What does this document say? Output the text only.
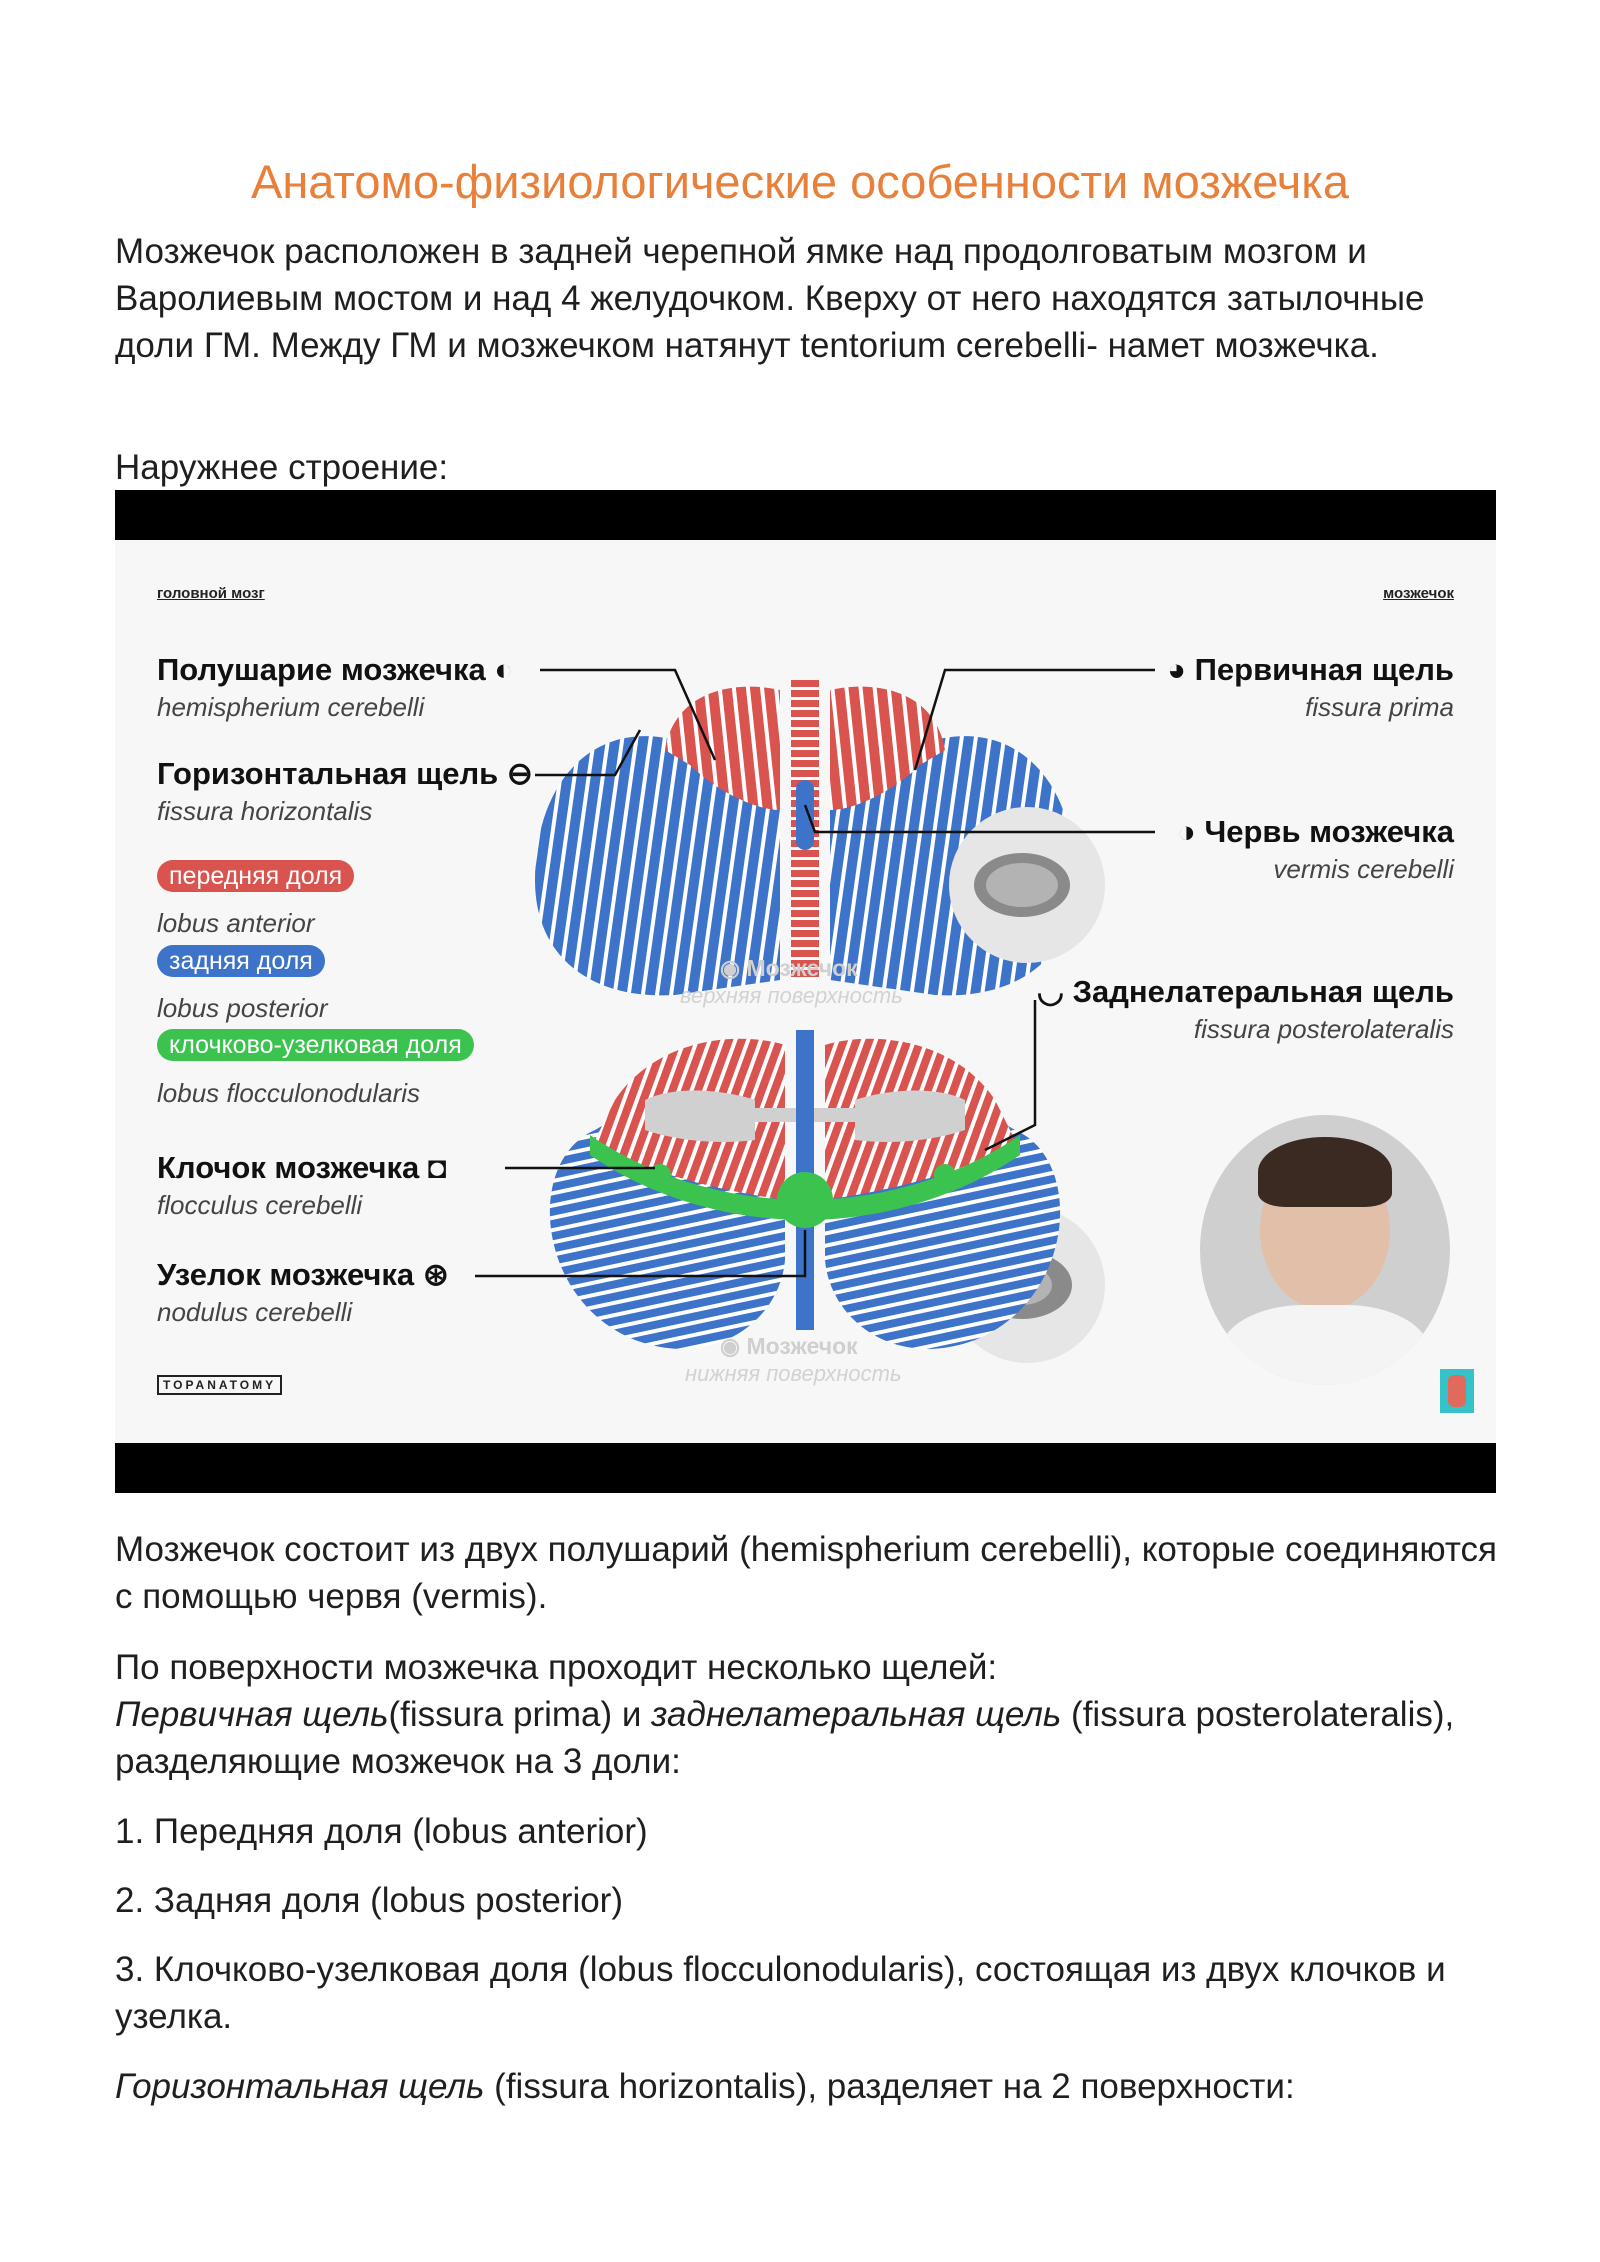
Анатомо-физиологические особенности мозжечка

Мозжечок расположен в задней черепной ямке над продолговатым мозгом и Варолиевым мостом и над 4 желудочком. Кверху от него находятся затылочные доли ГМ. Между ГМ и мозжечком натянут tentorium cerebelli- намет мозжечка.

Наружнее строение:

головной мозг	мозжечок
Полушарие мозжечка ◐
hemispherium cerebelli
Горизонтальная щель ⊖
fissura horizontalis
передняя доля
lobus anterior
задняя доля
lobus posterior
клочково-узелковая доля
lobus flocculonodularis
Клочок мозжечка ◘
flocculus cerebelli
Узелок мозжечка ⊛
nodulus cerebelli
◕ Первичная щель
fissura prima
◑ Червь мозжечка
vermis cerebelli
◡ Заднелатеральная щель
fissura posterolateralis
◉ Мозжечок
верхняя поверхность
◉ Мозжечок
нижняя поверхность
TOPANATOMY

Мозжечок состоит из двух полушарий (hemispherium cerebelli), которые соединяются с помощью червя (vermis).

По поверхности мозжечка проходит несколько щелей:
Первичная щель(fissura prima) и заднелатеральная щель (fissura posterolateralis), разделяющие мозжечок на 3 доли:

1. Передняя доля (lobus anterior)

2. Задняя доля (lobus posterior)

3. Клочково-узелковая доля (lobus flocculonodularis), состоящая из двух клочков и узелка.

Горизонтальная щель (fissura horizontalis), разделяет на 2 поверхности:
